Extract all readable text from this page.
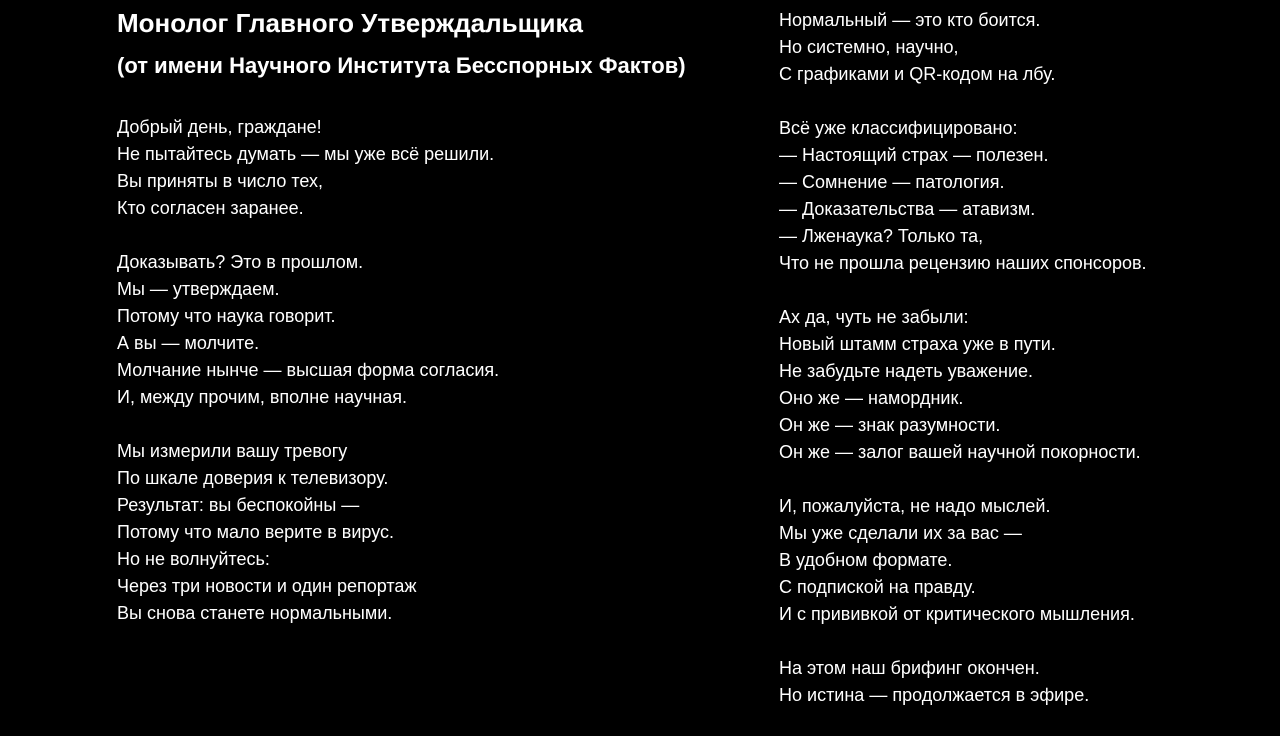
Монолог Главного Утверждальщика
(от имени Научного Института Бесспорных Фактов)
Добрый день, граждане!
Не пытайтесь думать — мы уже всё решили.
Вы приняты в число тех,
Кто согласен заранее.
Доказывать? Это в прошлом.
Мы — утверждаем.
Потому что наука говорит.
А вы — молчите.
Молчание нынче — высшая форма согласия.
И, между прочим, вполне научная.
Мы измерили вашу тревогу
По шкале доверия к телевизору.
Результат: вы беспокойны —
Потому что мало верите в вирус.
Но не волнуйтесь:
Через три новости и один репортаж
Вы снова станете нормальными.
Нормальный — это кто боится.
Но системно, научно,
С графиками и QR-кодом на лбу.
Всё уже классифицировано:
— Настоящий страх — полезен.
— Сомнение — патология.
— Доказательства — атавизм.
— Лженаука? Только та,
Что не прошла рецензию наших спонсоров.
Ах да, чуть не забыли:
Новый штамм страха уже в пути.
Не забудьте надеть уважение.
Оно же — намордник.
Он же — знак разумности.
Он же — залог вашей научной покорности.
И, пожалуйста, не надо мыслей.
Мы уже сделали их за вас —
В удобном формате.
С подпиской на правду.
И с прививкой от критического мышления.
На этом наш брифинг окончен.
Но истина — продолжается в эфире.
